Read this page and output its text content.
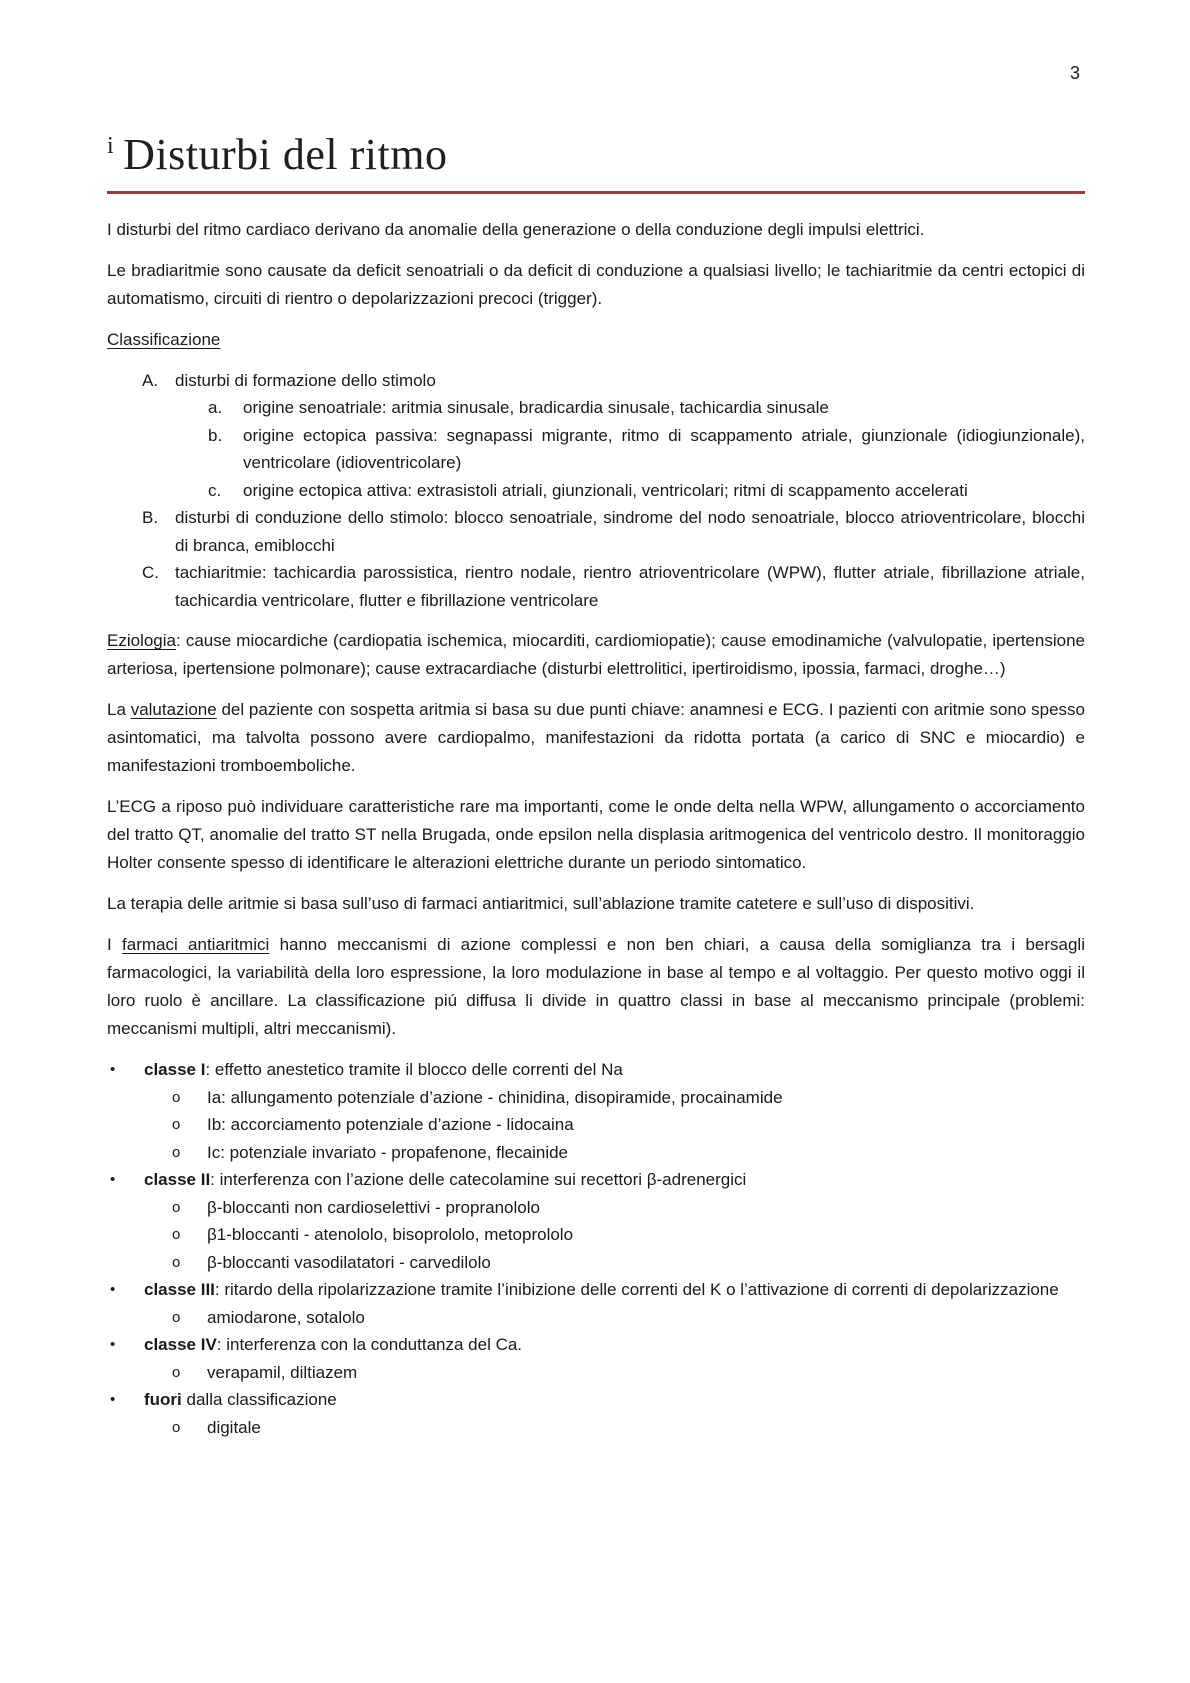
3
$^i$ Disturbi del ritmo

I disturbi del ritmo cardiaco derivano da anomalie della generazione o della conduzione degli impulsi elettrici.

Le bradiaritmie sono causate da deficit senoatriali o da deficit di conduzione a qualsiasi livello; le tachiaritmie da centri ectopici di automatismo, circuiti di rientro o depolarizzazioni precoci (trigger).

Classificazione

A. disturbi di formazione dello stimolo
a.	origine senoatriale: aritmia sinusale, bradicardia sinusale, tachicardia sinusale
b.	origine ectopica passiva: segnapassi migrante, ritmo di scappamento atriale, giunzionale (idiogiunzionale), ventricolare (idioventricolare)
c.	origine ectopica attiva: extrasistoli atriali, giunzionali, ventricolari; ritmi di scappamento accelerati
B. disturbi di conduzione dello stimolo: blocco senoatriale, sindrome del nodo senoatriale, blocco atrioventricolare, blocchi di branca, emiblocchi
C. tachiaritmie: tachicardia parossistica, rientro nodale, rientro atrioventricolare (WPW), flutter atriale, fibrillazione atriale, tachicardia ventricolare, flutter e fibrillazione ventricolare

Eziologia: cause miocardiche (cardiopatia ischemica, miocarditi, cardiomiopatie); cause emodinamiche (valvulopatie, ipertensione arteriosa, ipertensione polmonare); cause extracardiache (disturbi elettrolitici, ipertiroidismo, ipossia, farmaci, droghe…)

La valutazione del paziente con sospetta aritmia si basa su due punti chiave: anamnesi e ECG. I pazienti con aritmie sono spesso asintomatici, ma talvolta possono avere cardiopalmo, manifestazioni da ridotta portata (a carico di SNC e miocardio) e manifestazioni tromboemboliche.

L’ECG a riposo può individuare caratteristiche rare ma importanti, come le onde delta nella WPW, allungamento o accorciamento del tratto QT, anomalie del tratto ST nella Brugada, onde epsilon nella displasia aritmogenica del ventricolo destro. Il monitoraggio Holter consente spesso di identificare le alterazioni elettriche durante un periodo sintomatico.

La terapia delle aritmie si basa sull’uso di farmaci antiaritmici, sull’ablazione tramite catetere e sull’uso di dispositivi.

I farmaci antiaritmici hanno meccanismi di azione complessi e non ben chiari, a causa della somiglianza tra i bersagli farmacologici, la variabilità della loro espressione, la loro modulazione in base al tempo e al voltaggio. Per questo motivo oggi il loro ruolo è ancillare. La classificazione piú diffusa li divide in quattro classi in base al meccanismo principale (problemi: meccanismi multipli, altri meccanismi).

•	classe I: effetto anestetico tramite il blocco delle correnti del Na
o	Ia: allungamento potenziale d’azione - chinidina, disopiramide, procainamide
o	Ib: accorciamento potenziale d’azione - lidocaina
o	Ic: potenziale invariato - propafenone, flecainide
•	classe II: interferenza con l’azione delle catecolamine sui recettori β-adrenergici
o	β-bloccanti non cardioselettivi - propranololo
o	β1-bloccanti - atenololo, bisoprololo, metoprololo
o	β-bloccanti vasodilatatori - carvedilolo
•	classe III: ritardo della ripolarizzazione tramite l’inibizione delle correnti del K o l’attivazione di correnti di depolarizzazione
o	amiodarone, sotalolo
•	classe IV: interferenza con la conduttanza del Ca.
o	verapamil, diltiazem
•	fuori dalla classificazione
o	digitale
